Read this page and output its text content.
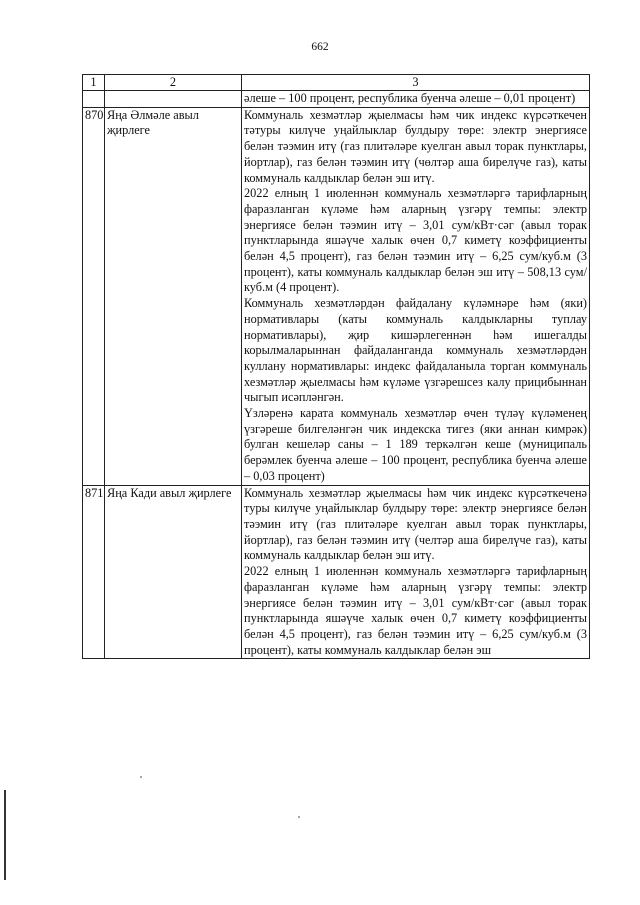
662
1	2	3

		әлеше – 100 процент, республика буенча әлеше – 0,01 процент)

870	Яңа Әлмәле авыл җирлеге	Коммуналь хезмәтләр җыелмасы һәм чик индекс күрсәткечен тәтуры килүче уңайлыклар булдыру төре: электр энергиясе белән тәэмин итү (газ плитәләре куелган авыл торак пунктлары, йортлар), газ белән тәэмин итү (чөлтәр аша бирелүче газ), каты коммуналь калдыклар белән эш итү.

2022 елның 1 июленнән коммуналь хезмәтләргә тарифларның фаразланган күләме һәм аларның үзгәрү темпы: электр энергиясе белән тәэмин итү – 3,01 сум/кВт·сәг (авыл торак пунктларында яшәүче халык өчен 0,7 киметү коэффициенты белән 4,5 процент), газ белән тәэмин итү – 6,25 сум/куб.м (3 процент), каты коммуналь калдыклар белән эш итү – 508,13 сум/куб.м (4 процент).

Коммуналь хезмәтләрдән файдалану күләмнәре һәм (яки) нормативлары (каты коммуналь калдыкларны туплау нормативлары), җир кишәрлегеннән һәм ишегалды корылмаларыннан файдаланганда коммуналь хезмәтләрдән куллану нормативлары: индекс файдаланыла торган коммуналь хезмәтләр җыелмасы һәм күләме үзгәрешсез калу прицибыннан чыгып исәпләнгән.

Үзләренә карата коммуналь хезмәтләр өчен түләү күләменең үзгәреше билгеләнгән чик индекска тигез (яки аннан кимрәк) булган кешеләр саны – 1 189 теркәлгән кеше (муниципаль берәмлек буенча әлеше – 100 процент, республика буенча әлеше – 0,03 процент)

871	Яңа Кади авыл җирлеге	Коммуналь хезмәтләр җыелмасы һәм чик индекс күрсәткеченә туры килүче уңайлыклар булдыру төре: электр энергиясе белән тәэмин итү (газ плитәләре куелган авыл торак пунктлары, йортлар), газ белән тәэмин итү (челтәр аша бирелүче газ), каты коммуналь калдыклар белән эш итү.

2022 елның 1 июленнән коммуналь хезмәтләргә тарифларның фаразланган күләме һәм аларның үзгәрү темпы: электр энергиясе белән тәэмин итү – 3,01 сум/кВт·сәг (авыл торак пунктларында яшәүче халык өчен 0,7 киметү коэффициенты белән 4,5 процент), газ белән тәэмин итү – 6,25 сум/куб.м (3 процент), каты коммуналь калдыклар белән эш
